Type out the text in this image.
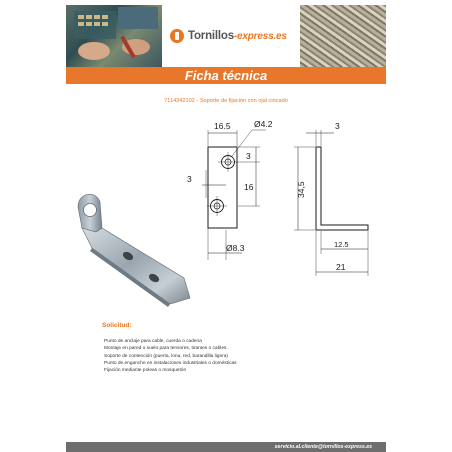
Tornillos-express.es
Ficha técnica
7114342102 - Soporte de fijación con ojal cincado
16.5	Ø4.2
3
3
16
Ø8.3
3
12.5
21
34,5
Solicitud:
Punto de anclaje para cable, cuerda o cadena
Montaje en pared o suelo para tensores, tirantes o cables.
Soporte de contención (puerta, lona, red, barandilla ligera)
Punto de enganche en instalaciones industriales o domésticas
Fijación mediante poleas o mosquetón
servicio.al.cliente@tornillos-express.es
